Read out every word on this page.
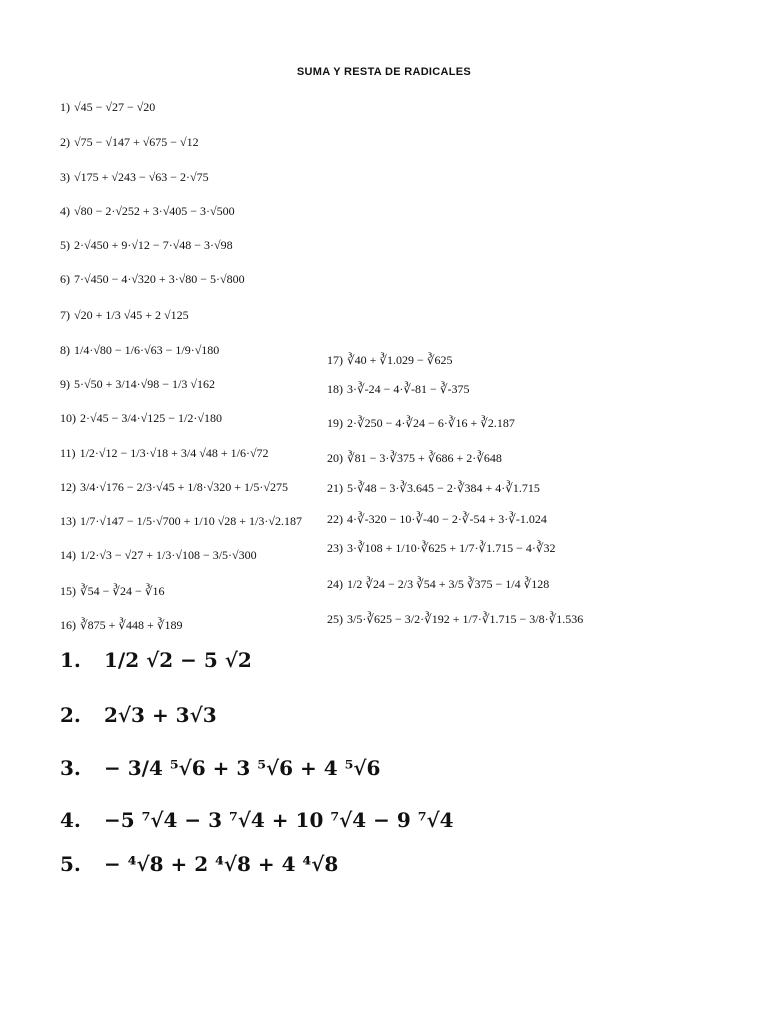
SUMA Y RESTA DE RADICALES
1) √45 − √27 − √20
2) √75 − √147 + √675 − √12
3) √175 + √243 − √63 − 2·√75
4) √80 − 2·√252 + 3·√405 − 3·√500
5) 2·√450 + 9·√12 − 7·√48 − 3·√98
6) 7·√450 − 4·√320 + 3·√80 − 5·√800
7) √20 + 1/3 √45 + 2 √125
8) 1/4·√80 − 1/6·√63 − 1/9·√180
9) 5·√50 + 3/14·√98 − 1/3 √162
10) 2·√45 − 3/4·√125 − 1/2·√180
11) 1/2·√12 − 1/3·√18 + 3/4 √48 + 1/6·√72
12) 3/4·√176 − 2/3·√45 + 1/8·√320 + 1/5·√275
13) 1/7·√147 − 1/5·√700 + 1/10 √28 + 1/3·√2.187
14) 1/2·√3 − √27 + 1/3·√108 − 3/5·√300
15) ∛54 − ∛24 − ∛16
16) ∛875 + ∛448 + ∛189
17) ∛40 + ∛1.029 − ∛625
18) 3·∛-24 − 4·∛-81 − ∛-375
19) 2·∛250 − 4·∛24 − 6·∛16 + ∛2.187
20) ∛81 − 3·∛375 + ∛686 + 2·∛648
21) 5·∛48 − 3·∛3.645 − 2·∛384 + 4·∛1.715
22) 4·∛-320 − 10·∛-40 − 2·∛-54 + 3·∛-1.024
23) 3·∛108 + 1/10·∛625 + 1/7·∛1.715 − 4·∛32
24) 1/2 ∛24 − 2/3 ∛54 + 3/5 ∛375 − 1/4 ∛128
25) 3/5·∛625 − 3/2·∛192 + 1/7·∛1.715 − 3/8·∛1.536
1. 1/2 √2 − 5 √2
2. 2√3 + 3√3
3. − 3/4 ⁵√6 + 3 ⁵√6 + 4 ⁵√6
4. −5 ⁷√4 − 3 ⁷√4 + 10 ⁷√4 − 9 ⁷√4
5. − ⁴√8 + 2 ⁴√8 + 4 ⁴√8
